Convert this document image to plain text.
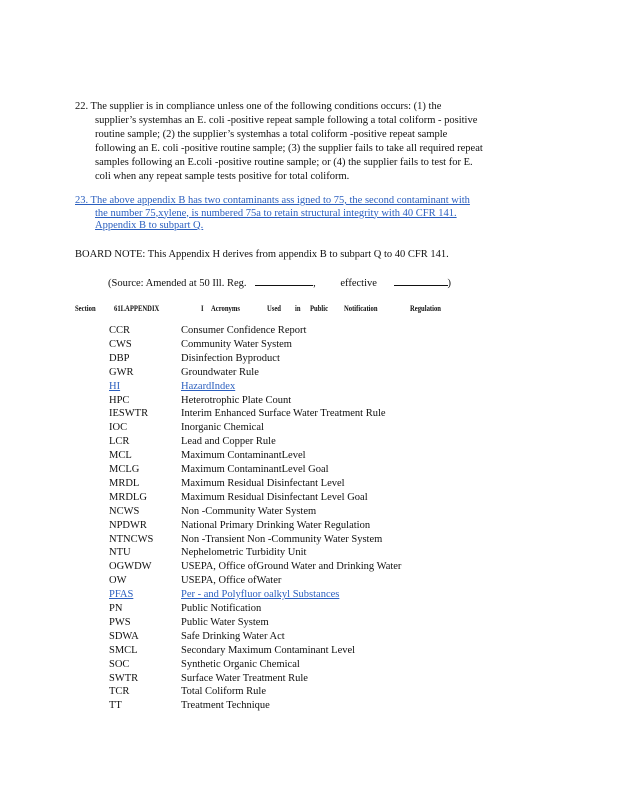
22. The supplier is in compliance unless one of the following conditions occurs: (1) the
supplier’s systemhas an E. coli -positive repeat sample following a total coliform - positive
routine sample; (2) the supplier’s systemhas a total coliform -positive repeat sample
following an E. coli -positive routine sample; (3) the supplier fails to take all required repeat
samples following an E.coli -positive routine sample; or (4) the supplier fails to test for E.
coli when any repeat sample tests positive for total coliform.
23. The above appendix B has two contaminants ass igned to 75, the second contaminant with
the number 75,xylene, is numbered 75a to retain structural integrity with 40 CFR 141.
Appendix B to subpart Q.
BOARD NOTE: This Appendix H derives from appendix B to subpart Q to 40 CFR 141.
(Source: Amended at 50 Ill. Reg.	, effective	)
Section 61LAPPENDIX	I Acronyms	Used in Public Notification	Regulation
CCR	Consumer Confidence Report
CWS	Community Water System
DBP	Disinfection Byproduct
GWR	Groundwater Rule
HI	HazardIndex
HPC	Heterotrophic Plate Count
IESWTR	Interim Enhanced Surface Water Treatment Rule
IOC	Inorganic Chemical
LCR	Lead and Copper Rule
MCL	Maximum ContaminantLevel
MCLG	Maximum ContaminantLevel Goal
MRDL	Maximum Residual Disinfectant Level
MRDLG	Maximum Residual Disinfectant Level Goal
NCWS	Non -Community Water System
NPDWR	National Primary Drinking Water Regulation
NTNCWS	Non -Transient Non -Community Water System
NTU	Nephelometric Turbidity Unit
OGWDW	USEPA, Office ofGround Water and Drinking Water
OW	USEPA, Office ofWater
PFAS	Per - and Polyfluor oalkyl Substances
PN	Public Notification
PWS	Public Water System
SDWA	Safe Drinking Water Act
SMCL	Secondary Maximum Contaminant Level
SOC	Synthetic Organic Chemical
SWTR	Surface Water Treatment Rule
TCR	Total Coliform Rule
TT	Treatment Technique
